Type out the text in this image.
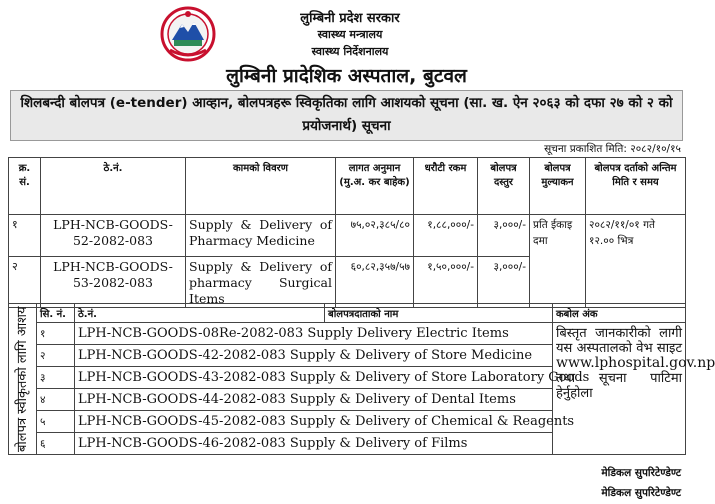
लुम्बिनी प्रदेश सरकार
स्वास्थ्य मन्त्रालय
स्वास्थ्य निर्देशनालय
लुम्बिनी प्रादेशिक अस्पताल, बुटवल
शिलबन्दी बोलपत्र (e-tender) आव्हान, बोलपत्रहरू स्विकृतिका लागि आशयको सूचना (सा. ख. ऐन २०६३ को दफा २७ को २ को प्रयोजनार्थ) सूचना
सूचना प्रकाशित मिति: २०८२/१०/१५
क्र. सं.	ठे.नं.	कामको विवरण	लागत अनुमान (मु.अ. कर बाहेक)	धरौटी रकम	बोलपत्र दस्तुर	बोलपत्र मुल्याकन	बोलपत्र दर्ताको अन्तिम मिति र समय
१	LPH-NCB-GOODS-52-2082-083	Supply & Delivery of Pharmacy Medicine	७५,०२,३८५/८०	१,८८,०००/-	३,०००/-	प्रति ईकाइ दमा	२०८२/११/०१ गते १२.०० भित्र
२	LPH-NCB-GOODS-53-2082-083	Supply & Delivery of pharmacy Surgical Items	६०,८२,३५७/५७	१,५०,०००/-	३,०००/-		
बोलपत्र स्वीकृतको लागि आशय	सि. नं.	ठे.नं.	बोलपत्रदाताको नाम	कबोल अंक
	१	LPH-NCB-GOODS-08Re-2082-083 Supply Delivery Electric Items		बिस्तृत जानकारीको लागी यस अस्पतालको वेभ साइट www.lphospital.gov.np तथा सूचना पाटिमा हेर्नुहोला
	२	LPH-NCB-GOODS-42-2082-083 Supply & Delivery of Store Medicine		
	३	LPH-NCB-GOODS-43-2082-083 Supply & Delivery of Store Laboratory Goods		
	४	LPH-NCB-GOODS-44-2082-083 Supply & Delivery of Dental Items		
	५	LPH-NCB-GOODS-45-2082-083 Supply & Delivery of Chemical & Reagents		
	६	LPH-NCB-GOODS-46-2082-083 Supply & Delivery of Films		
मेडिकल सुपरिटेण्डेण्ट
मेडिकल सुपरिटेण्डेण्ट
